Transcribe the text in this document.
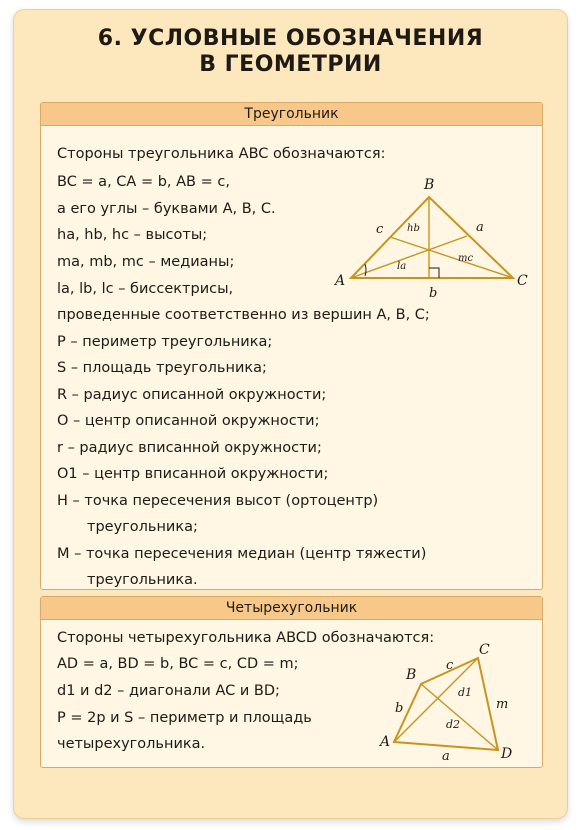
6. УСЛОВНЫЕ ОБОЗНАЧЕНИЯ
В ГЕОМЕТРИИ
Треугольник
Стороны треугольника ABC обозначаются:
BC = a, CA = b, AB = c,
а его углы – буквами A, B, C.
ha, hb, hc – высоты;
ma, mb, mc – медианы;
la, lb, lc – биссектрисы,
проведенные соответственно из вершин A, B, C;
P – периметр треугольника;
S – площадь треугольника;
R – радиус описанной окружности;
O – центр описанной окружности;
r – радиус вписанной окружности;
O1 – центр вписанной окружности;
H – точка пересечения высот (ортоцентр)
треугольника;
M – точка пересечения медиан (центр тяжести)
треугольника.
B
A	C
a
b
c hb
mc
la
Четырехугольник
Стороны четырехугольника ABCD обозначаются:
AD = a, BD = b, BC = c, CD = m;
d1 и d2 – диагонали AC и BD;
P = 2p и S – периметр и площадь
четырехугольника.	A
B
C
D
a
b
c
m
d1
d2
